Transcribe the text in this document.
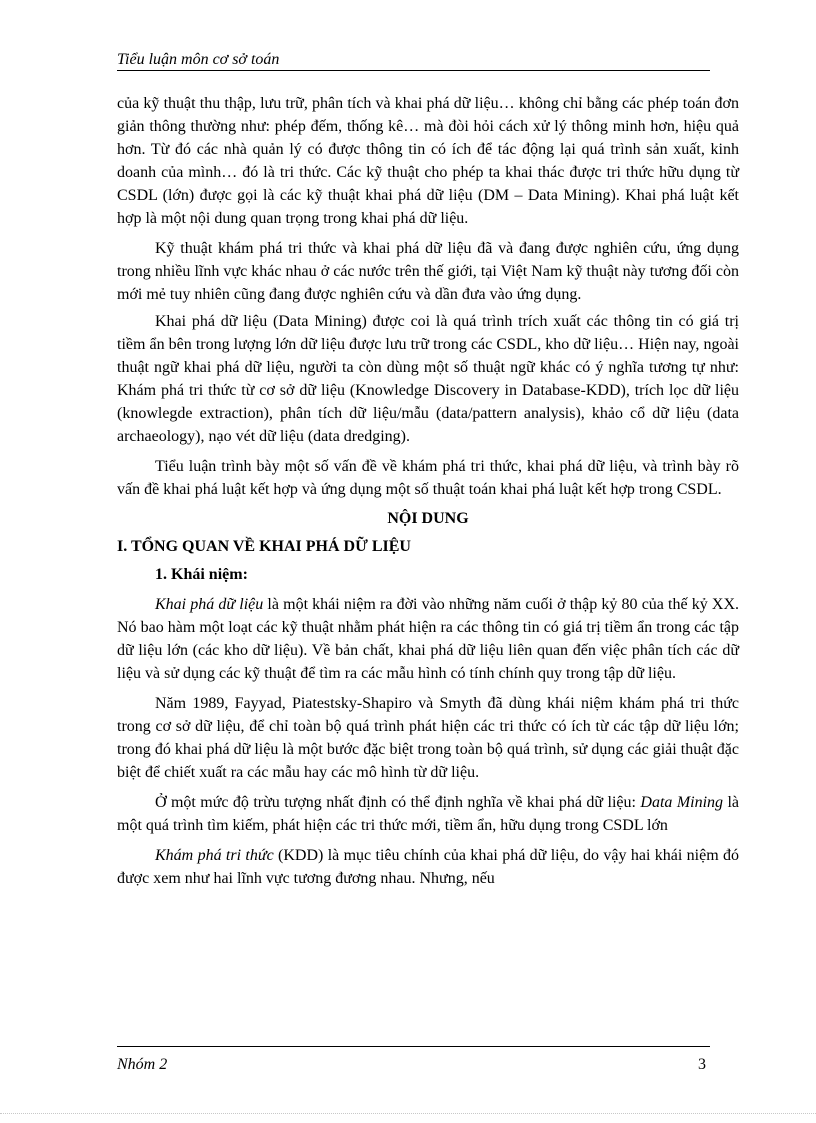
Tiểu luận môn cơ sở toán

của kỹ thuật thu thập, lưu trữ, phân tích và khai phá dữ liệu… không chỉ bằng các phép toán đơn giản thông thường như: phép đếm, thống kê… mà đòi hỏi cách xử lý thông minh hơn, hiệu quả hơn. Từ đó các nhà quản lý có được thông tin có ích để tác động lại quá trình sản xuất, kinh doanh của mình… đó là tri thức. Các kỹ thuật cho phép ta khai thác được tri thức hữu dụng từ CSDL (lớn) được gọi là các kỹ thuật khai phá dữ liệu (DM – Data Mining). Khai phá luật kết hợp là một nội dung quan trọng trong khai phá dữ liệu.

Kỹ thuật khám phá tri thức và khai phá dữ liệu đã và đang được nghiên cứu, ứng dụng trong nhiều lĩnh vực khác nhau ở các nước trên thế giới, tại Việt Nam kỹ thuật này tương đối còn mới mẻ tuy nhiên cũng đang được nghiên cứu và dần đưa vào ứng dụng.

Khai phá dữ liệu (Data Mining) được coi là quá trình trích xuất các thông tin có giá trị tiềm ẩn bên trong lượng lớn dữ liệu được lưu trữ trong các CSDL, kho dữ liệu… Hiện nay, ngoài thuật ngữ khai phá dữ liệu, người ta còn dùng một số thuật ngữ khác có ý nghĩa tương tự như: Khám phá tri thức từ cơ sở dữ liệu (Knowledge Discovery in Database-KDD), trích lọc dữ liệu (knowlegde extraction), phân tích dữ liệu/mẫu (data/pattern analysis), khảo cổ dữ liệu (data archaeology), nạo vét dữ liệu (data dredging).

Tiểu luận trình bày một số vấn đề về khám phá tri thức, khai phá dữ liệu, và trình bày rõ vấn đề khai phá luật kết hợp và ứng dụng một số thuật toán khai phá luật kết hợp trong CSDL.

NỘI DUNG
I. TỔNG QUAN VỀ KHAI PHÁ DỮ LIỆU
1. Khái niệm:

Khai phá dữ liệu là một khái niệm ra đời vào những năm cuối ở thập kỷ 80 của thế kỷ XX. Nó bao hàm một loạt các kỹ thuật nhằm phát hiện ra các thông tin có giá trị tiềm ẩn trong các tập dữ liệu lớn (các kho dữ liệu). Về bản chất, khai phá dữ liệu liên quan đến việc phân tích các dữ liệu và sử dụng các kỹ thuật để tìm ra các mẫu hình có tính chính quy trong tập dữ liệu.

Năm 1989, Fayyad, Piatestsky-Shapiro và Smyth đã dùng khái niệm khám phá tri thức trong cơ sở dữ liệu, để chỉ toàn bộ quá trình phát hiện các tri thức có ích từ các tập dữ liệu lớn; trong đó khai phá dữ liệu là một bước đặc biệt trong toàn bộ quá trình, sử dụng các giải thuật đặc biệt để chiết xuất ra các mẫu hay các mô hình từ dữ liệu.

Ở một mức độ trừu tượng nhất định có thể định nghĩa về khai phá dữ liệu: Data Mining là một quá trình tìm kiếm, phát hiện các tri thức mới, tiềm ẩn, hữu dụng trong CSDL lớn

Khám phá tri thức (KDD) là mục tiêu chính của khai phá dữ liệu, do vậy hai khái niệm đó được xem như hai lĩnh vực tương đương nhau. Nhưng, nếu

Nhóm 2	3
